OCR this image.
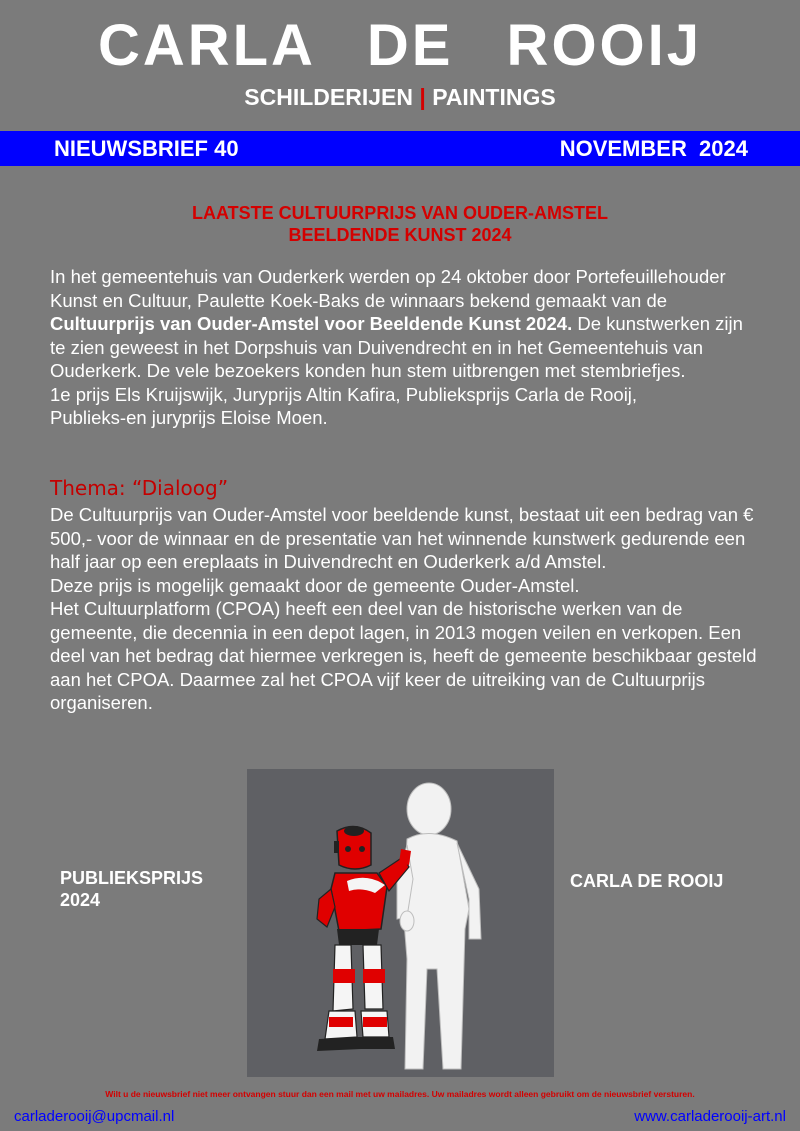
CARLA DE ROOIJ
SCHILDERIJEN | PAINTINGS
NIEUWSBRIEF 40	NOVEMBER  2024
LAATSTE CULTUURPRIJS VAN OUDER-AMSTEL
BEELDENDE KUNST 2024

In het gemeentehuis van Ouderkerk werden op 24 oktober door Portefeuillehouder Kunst en Cultuur, Paulette Koek-Baks de winnaars bekend gemaakt van de Cultuurprijs van Ouder-Amstel voor Beeldende Kunst 2024. De kunstwerken zijn te zien geweest in het Dorpshuis van Duivendrecht en in het Gemeentehuis van Ouderkerk. De vele bezoekers konden hun stem uitbrengen met stembriefjes.

1e prijs Els Kruijswijk, Juryprijs Altin Kafira, Publieksprijs Carla de Rooij,

Publieks-en juryprijs Eloise Moen.

Thema: “Dialoog”

De Cultuurprijs van Ouder-Amstel voor beeldende kunst, bestaat uit een bedrag van € 500,- voor de winnaar en de presentatie van het winnende kunstwerk gedurende een half jaar op een ereplaats in Duivendrecht en Ouderkerk a/d Amstel.

Deze prijs is mogelijk gemaakt door de gemeente Ouder-Amstel.

Het Cultuurplatform (CPOA) heeft een deel van de historische werken van de gemeente, die decennia in een depot lagen, in 2013 mogen veilen en verkopen. Een deel van het bedrag dat hiermee verkregen is, heeft de gemeente beschikbaar gesteld aan het CPOA. Daarmee zal het CPOA vijf keer de uitreiking van de Cultuurprijs organiseren.

PUBLIEKSPRIJS
2024
CARLA DE ROOIJ
Wilt u de nieuwsbrief niet meer ontvangen stuur dan een mail met uw mailadres. Uw mailadres wordt alleen gebruikt om de nieuwsbrief versturen.
carladerooij@upcmail.nl	www.carladerooij-art.nl
